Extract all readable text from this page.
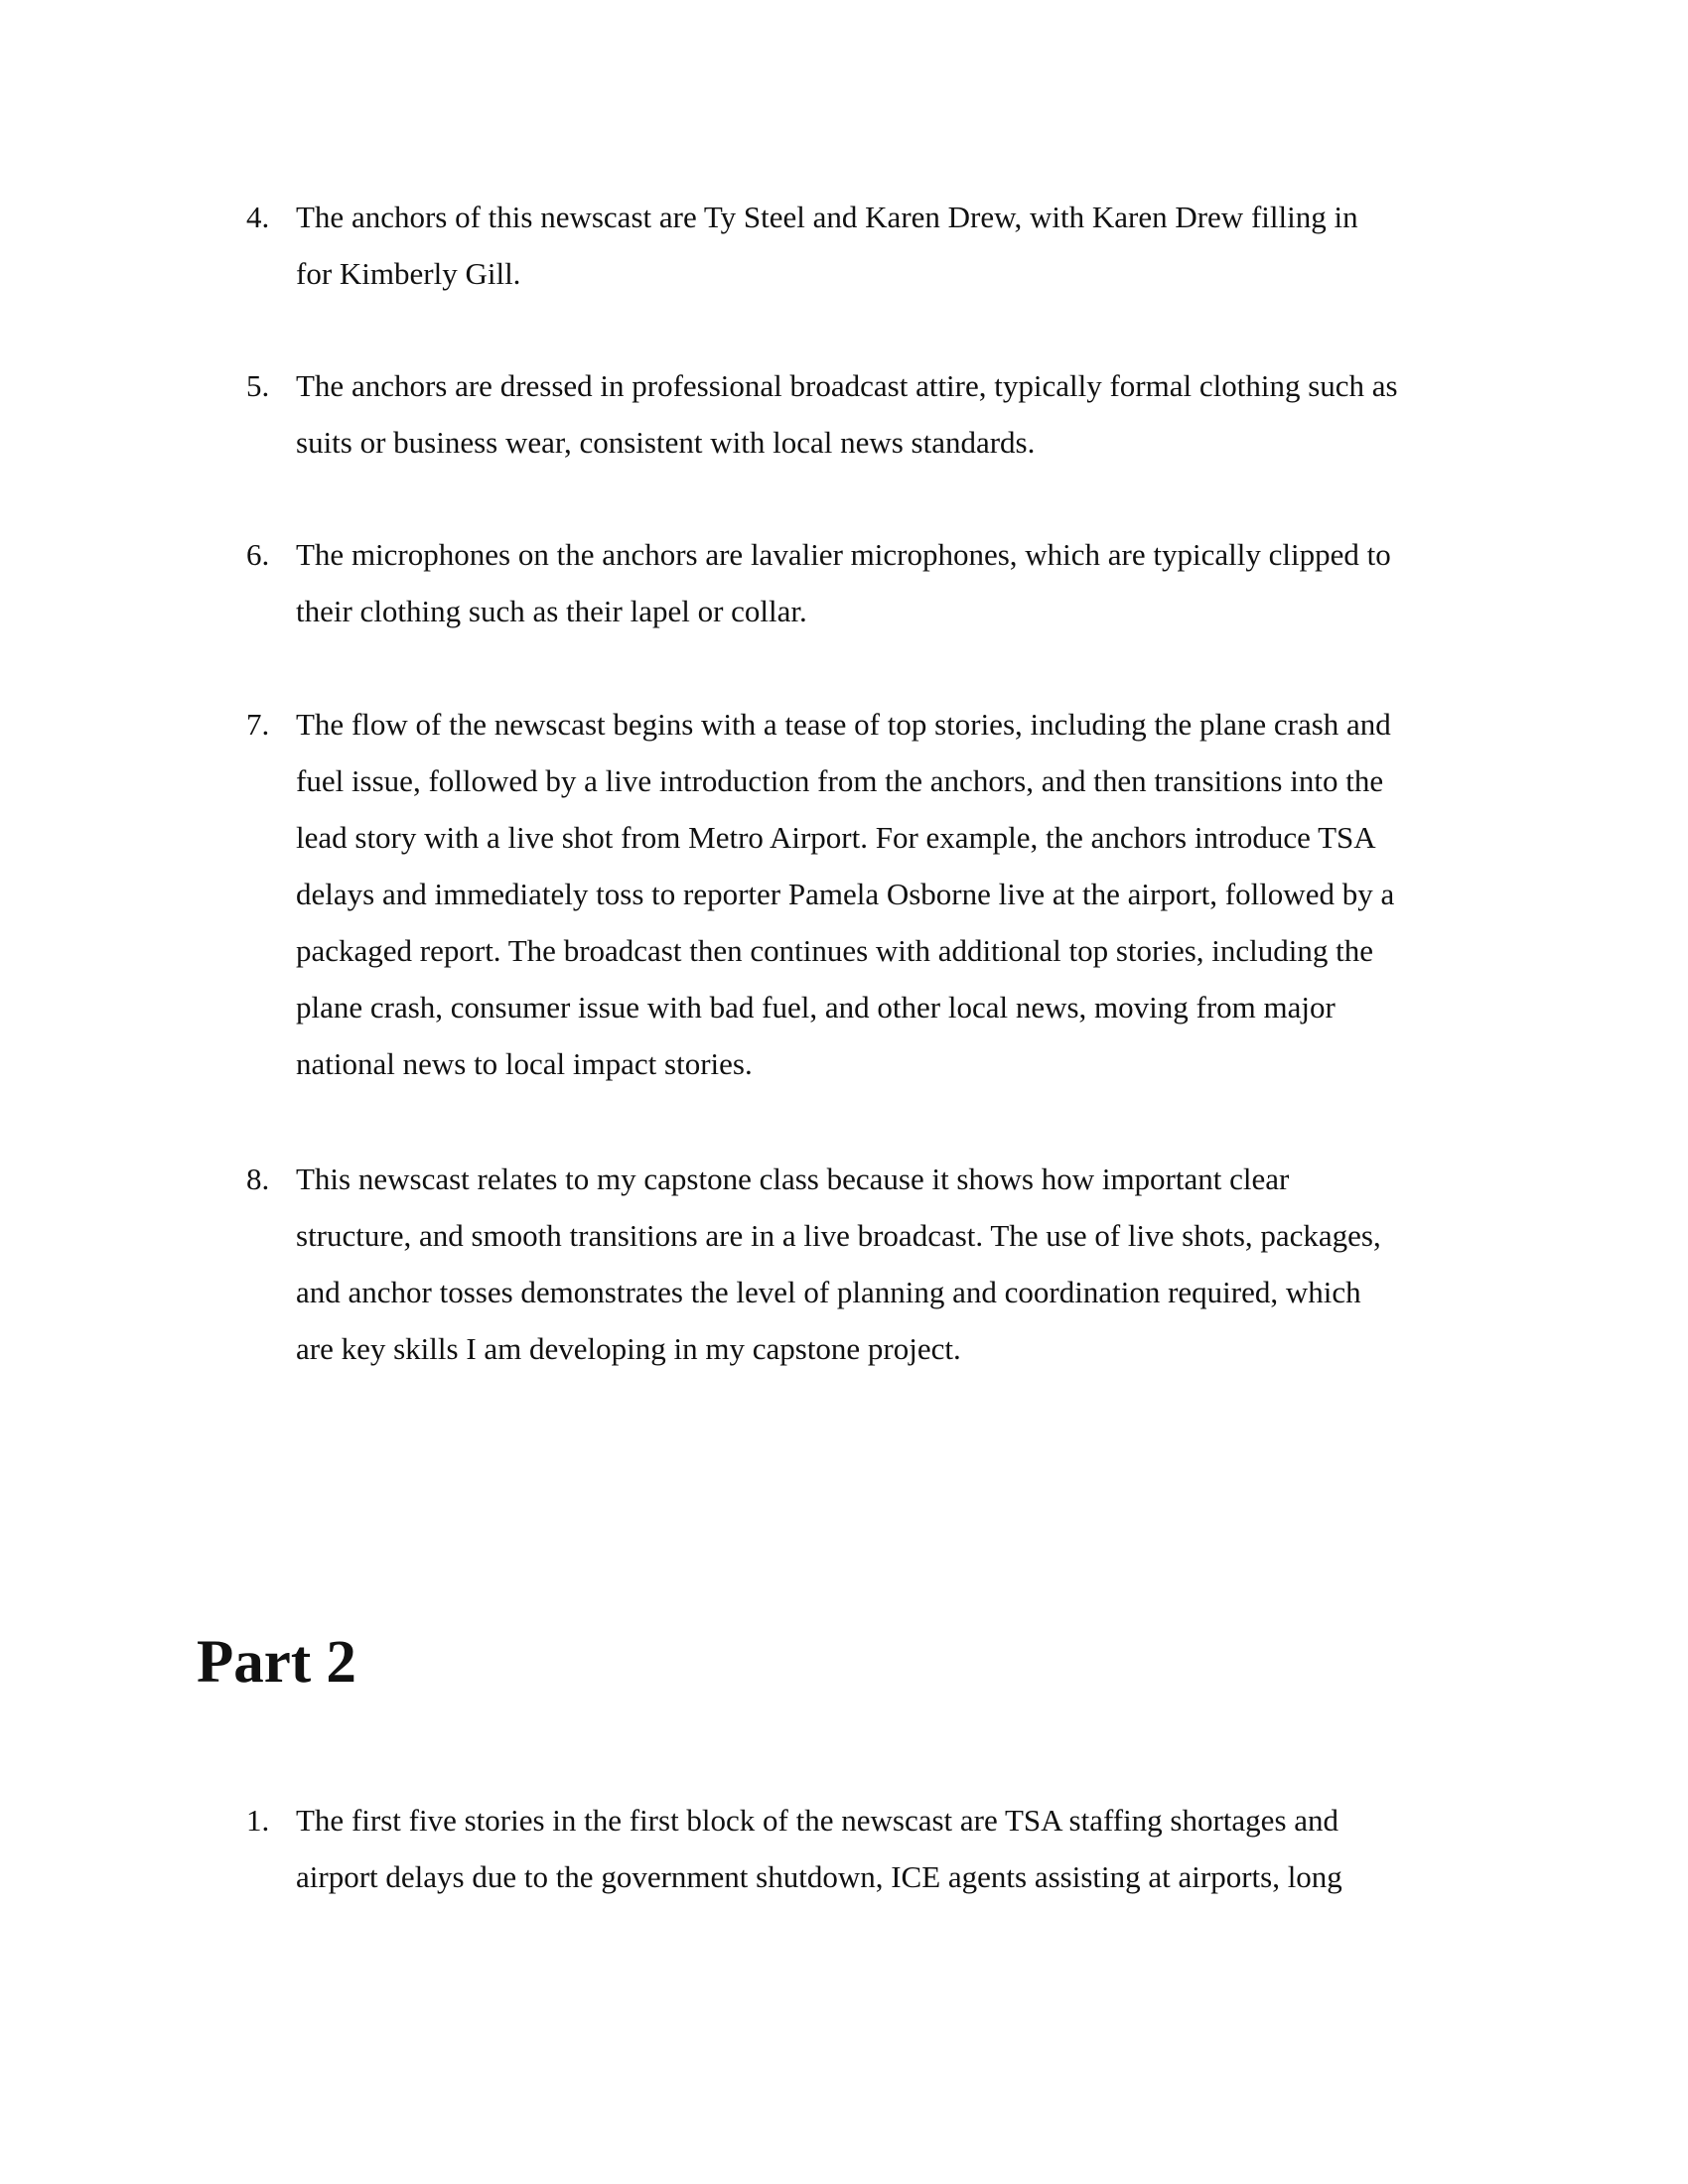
4. The anchors of this newscast are Ty Steel and Karen Drew, with Karen Drew filling in
for Kimberly Gill.
5. The anchors are dressed in professional broadcast attire, typically formal clothing such as
suits or business wear, consistent with local news standards.
6. The microphones on the anchors are lavalier microphones, which are typically clipped to
their clothing such as their lapel or collar.
7. The flow of the newscast begins with a tease of top stories, including the plane crash and
fuel issue, followed by a live introduction from the anchors, and then transitions into the
lead story with a live shot from Metro Airport. For example, the anchors introduce TSA
delays and immediately toss to reporter Pamela Osborne live at the airport, followed by a
packaged report. The broadcast then continues with additional top stories, including the
plane crash, consumer issue with bad fuel, and other local news, moving from major
national news to local impact stories.
8. This newscast relates to my capstone class because it shows how important clear
structure, and smooth transitions are in a live broadcast. The use of live shots, packages,
and anchor tosses demonstrates the level of planning and coordination required, which
are key skills I am developing in my capstone project.
Part 2
1. The first five stories in the first block of the newscast are TSA staffing shortages and
airport delays due to the government shutdown, ICE agents assisting at airports, long
